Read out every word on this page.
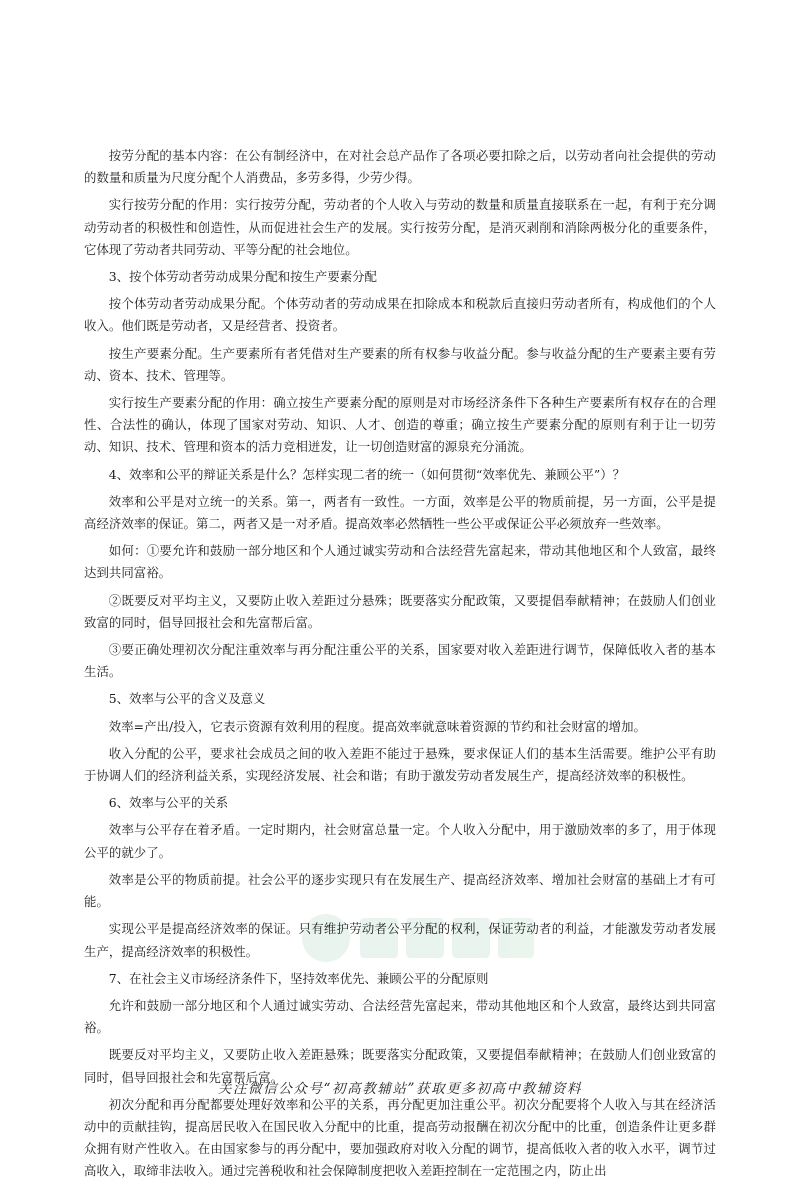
按劳分配的基本内容：在公有制经济中，在对社会总产品作了各项必要扣除之后，以劳动者向社会提供的劳动的数量和质量为尺度分配个人消费品，多劳多得，少劳少得。

实行按劳分配的作用：实行按劳分配，劳动者的个人收入与劳动的数量和质量直接联系在一起，有利于充分调动劳动者的积极性和创造性，从而促进社会生产的发展。实行按劳分配，是消灭剥削和消除两极分化的重要条件，它体现了劳动者共同劳动、平等分配的社会地位。

3、按个体劳动者劳动成果分配和按生产要素分配

按个体劳动者劳动成果分配。个体劳动者的劳动成果在扣除成本和税款后直接归劳动者所有，构成他们的个人收入。他们既是劳动者，又是经营者、投资者。

按生产要素分配。生产要素所有者凭借对生产要素的所有权参与收益分配。参与收益分配的生产要素主要有劳动、资本、技术、管理等。

实行按生产要素分配的作用：确立按生产要素分配的原则是对市场经济条件下各种生产要素所有权存在的合理性、合法性的确认，体现了国家对劳动、知识、人才、创造的尊重；确立按生产要素分配的原则有利于让一切劳动、知识、技术、管理和资本的活力竞相迸发，让一切创造财富的源泉充分涌流。

4、效率和公平的辩证关系是什么？怎样实现二者的统一（如何贯彻“效率优先、兼顾公平”）？

效率和公平是对立统一的关系。第一，两者有一致性。一方面，效率是公平的物质前提，另一方面，公平是提高经济效率的保证。第二，两者又是一对矛盾。提高效率必然牺牲一些公平或保证公平必须放弃一些效率。

如何：①要允许和鼓励一部分地区和个人通过诚实劳动和合法经营先富起来，带动其他地区和个人致富，最终达到共同富裕。

②既要反对平均主义，又要防止收入差距过分悬殊；既要落实分配政策，又要提倡奉献精神；在鼓励人们创业致富的同时，倡导回报社会和先富帮后富。

③要正确处理初次分配注重效率与再分配注重公平的关系，国家要对收入差距进行调节，保障低收入者的基本生活。

5、效率与公平的含义及意义

效率=产出/投入，它表示资源有效利用的程度。提高效率就意味着资源的节约和社会财富的增加。

收入分配的公平，要求社会成员之间的收入差距不能过于悬殊，要求保证人们的基本生活需要。维护公平有助于协调人们的经济利益关系，实现经济发展、社会和谐；有助于激发劳动者发展生产，提高经济效率的积极性。

6、效率与公平的关系

效率与公平存在着矛盾。一定时期内，社会财富总量一定。个人收入分配中，用于激励效率的多了，用于体现公平的就少了。

效率是公平的物质前提。社会公平的逐步实现只有在发展生产、提高经济效率、增加社会财富的基础上才有可能。

实现公平是提高经济效率的保证。只有维护劳动者公平分配的权利，保证劳动者的利益，才能激发劳动者发展生产，提高经济效率的积极性。

7、在社会主义市场经济条件下，坚持效率优先、兼顾公平的分配原则

允许和鼓励一部分地区和个人通过诚实劳动、合法经营先富起来，带动其他地区和个人致富，最终达到共同富裕。

既要反对平均主义，又要防止收入差距悬殊；既要落实分配政策，又要提倡奉献精神；在鼓励人们创业致富的同时，倡导回报社会和先富帮后富。

初次分配和再分配都要处理好效率和公平的关系，再分配更加注重公平。初次分配要将个人收入与其在经济活动中的贡献挂钩，提高居民收入在国民收入分配中的比重，提高劳动报酬在初次分配中的比重，创造条件让更多群众拥有财产性收入。在由国家参与的再分配中，要加强政府对收入分配的调节，提高低收入者的收入水平，调节过高收入，取缔非法收入。通过完善税收和社会保障制度把收入差距控制在一定范围之内，防止出

关注微信公众号“初高教辅站”获取更多初高中教辅资料
